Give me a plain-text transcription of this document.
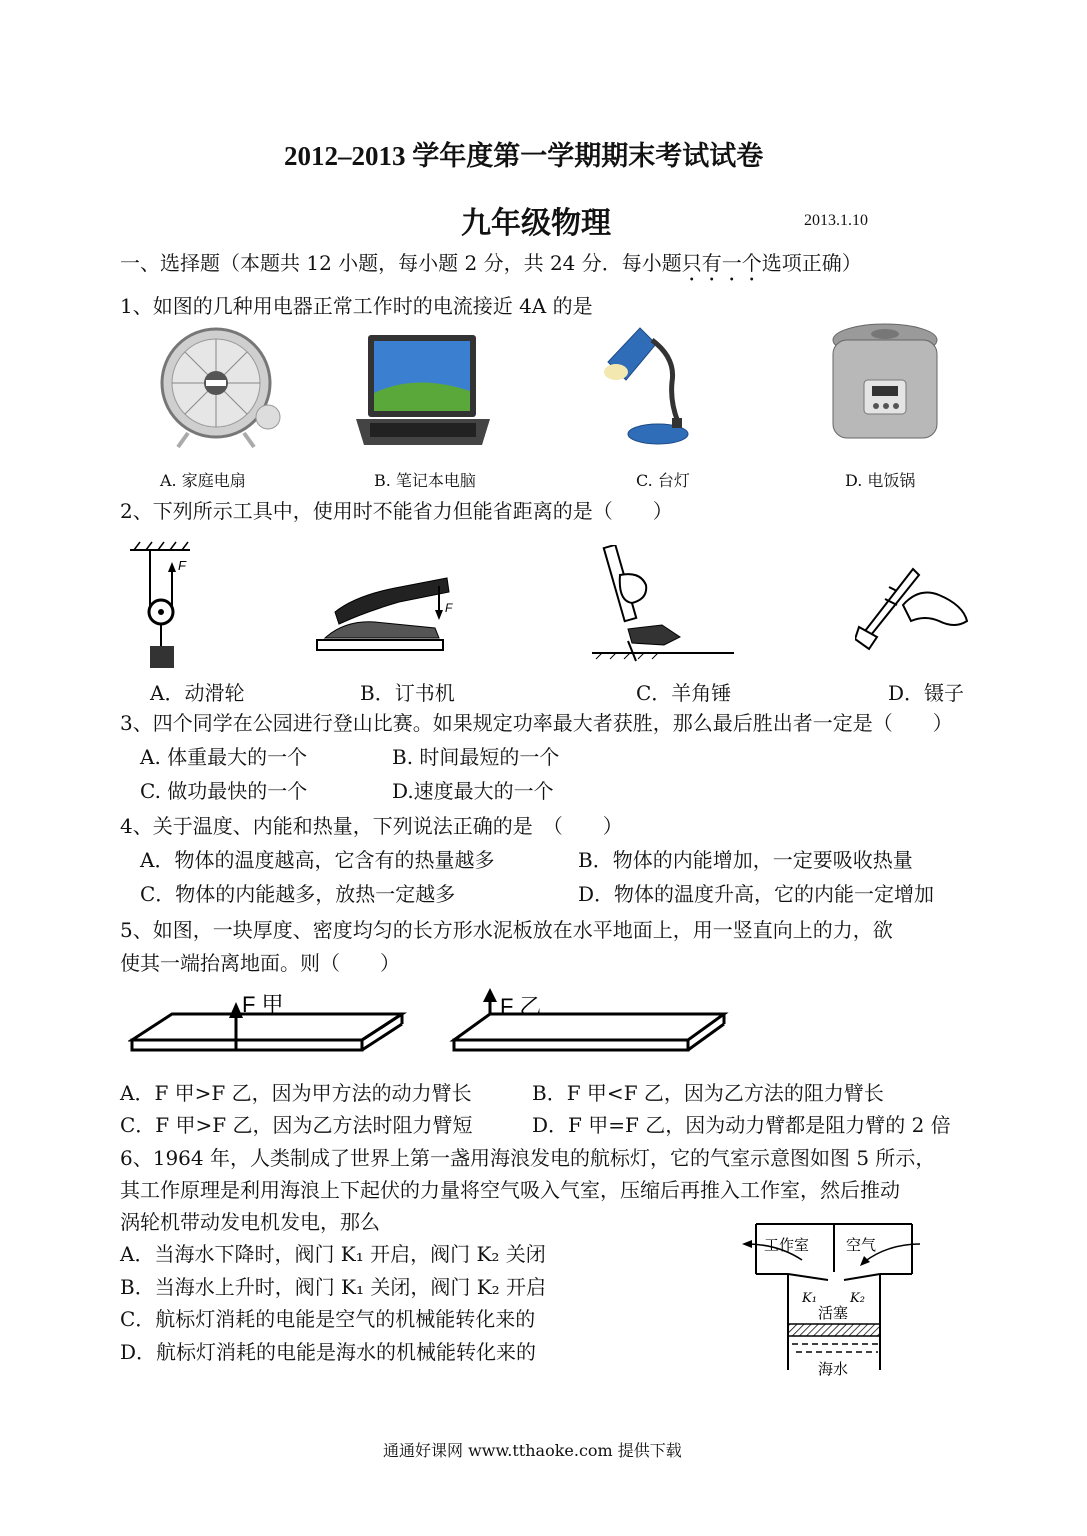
2012–2013 学年度第一学期期末考试试卷
九年级物理	2013.1.10
一、选择题（本题共 12 小题，每小题 2 分，共 24 分．每小题只有一个选项正确）
1、如图的几种用电器正常工作时的电流接近 4A 的是
A. 家庭电扇	B. 笔记本电脑	C. 台灯	D. 电饭锅
2、下列所示工具中，使用时不能省力但能省距离的是（　　）
F
A．动滑轮
F
B．订书机	C．羊角锤	D．镊子
3、四个同学在公园进行登山比赛。如果规定功率最大者获胜，那么最后胜出者一定是（　　）
A. 体重最大的一个	B. 时间最短的一个
C. 做功最快的一个	D.速度最大的一个
4、关于温度、内能和热量，下列说法正确的是　（　　）
A．物体的温度越高，它含有的热量越多	B．物体的内能增加，一定要吸收热量
C．物体的内能越多，放热一定越多	D．物体的温度升高，它的内能一定增加
5、如图，一块厚度、密度均匀的长方形水泥板放在水平地面上，用一竖直向上的力，欲
使其一端抬离地面。则（　　）
F 甲	F 乙
A．F 甲>F 乙，因为甲方法的动力臂长	B．F 甲<F 乙，因为乙方法的阻力臂长
C．F 甲>F 乙，因为乙方法时阻力臂短	D．F 甲=F 乙，因为动力臂都是阻力臂的 2 倍
6、1964 年，人类制成了世界上第一盏用海浪发电的航标灯，它的气室示意图如图 5 所示，
其工作原理是利用海浪上下起伏的力量将空气吸入气室，压缩后再推入工作室，然后推动
涡轮机带动发电机发电，那么
A．当海水下降时，阀门 K₁ 开启，阀门 K₂ 关闭
B．当海水上升时，阀门 K₁ 关闭，阀门 K₂ 开启
C．航标灯消耗的电能是空气的机械能转化来的
D．航标灯消耗的电能是海水的机械能转化来的
工作室 空气
K₁	K₂
活塞
海水
通通好课网 www.tthaoke.com 提供下载
